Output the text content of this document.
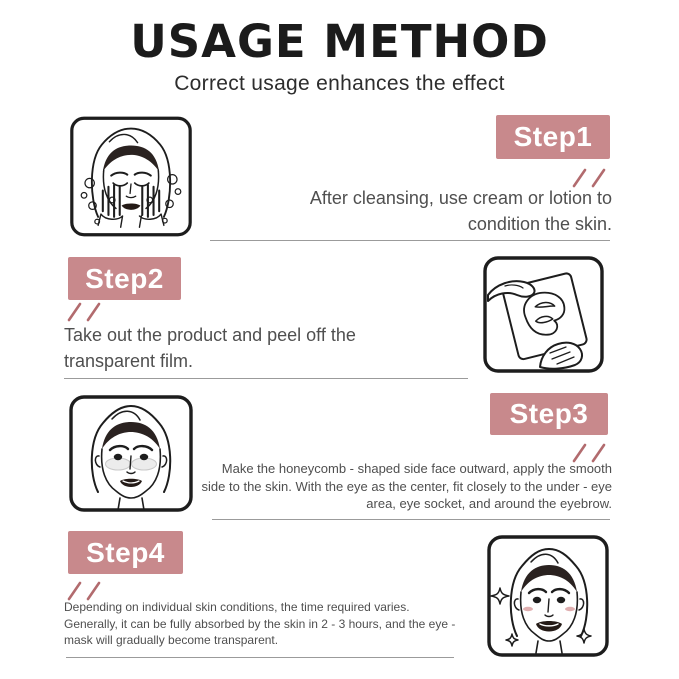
USAGE METHOD

Correct usage enhances the effect

Step1

After cleansing, use cream or lotion to condition the skin.

Step2

Take out the product and peel off the transparent film.

Step3

Make the honeycomb - shaped side face outward, apply the smooth side to the skin. With the eye as the center, fit closely to the under - eye area, eye socket, and around the eyebrow.

Step4

Depending on individual skin conditions, the time required varies. Generally, it can be fully absorbed by the skin in 2 - 3 hours, and the eye - mask will gradually become transparent.
